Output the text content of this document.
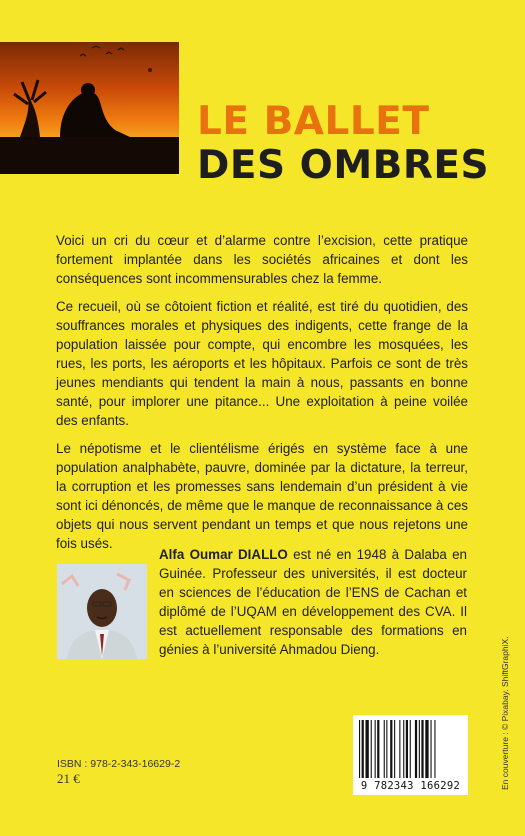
LE BALLET
DES OMBRES

Voici un cri du cœur et d’alarme contre l’excision, cette pratique fortement implantée dans les sociétés africaines et dont les conséquences sont incommensurables chez la femme.

Ce recueil, où se côtoient fiction et réalité, est tiré du quotidien, des souffrances morales et physiques des indigents, cette frange de la population laissée pour compte, qui encombre les mosquées, les rues, les ports, les aéroports et les hôpitaux. Parfois ce sont de très jeunes mendiants qui tendent la main à nous, passants en bonne santé, pour implorer une pitance... Une exploitation à peine voilée des enfants.

Le népotisme et le clientélisme érigés en système face à une population analphabète, pauvre, dominée par la dictature, la terreur, la corruption et les promesses sans lendemain d’un président à vie sont ici dénoncés, de même que le manque de reconnaissance à ces objets qui nous servent pendant un temps et que nous rejetons une fois usés.

Alfa Oumar DIALLO est né en 1948 à Dalaba en Guinée. Professeur des universités, il est docteur en sciences de l’éducation de l’ENS de Cachan et diplômé de l’UQAM en développement des CVA. Il est actuellement responsable des formations en génies à l’université Ahmadou Dieng.
ISBN : 978-2-343-16629-2
21 €	9 782343 166292	En couverture : © Pixabay. ShiftGraphiX.
